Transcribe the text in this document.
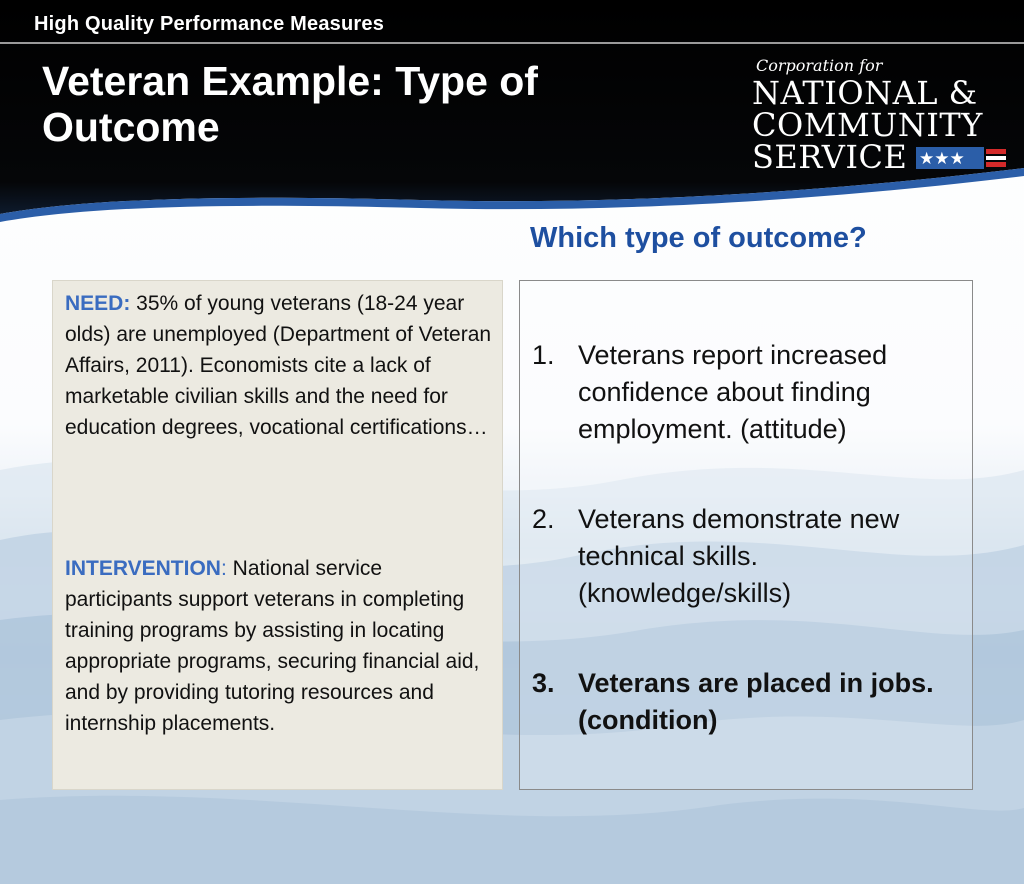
High Quality Performance Measures
Veteran Example: Type of
Outcome
Corporation for
NATIONAL &
COMMUNITY
SERVICE ★★★
Which type of outcome?
NEED: 35% of young veterans (18-24 year olds) are unemployed (Department of Veteran Affairs, 2011). Economists cite a lack of marketable civilian skills and the need for education degrees, vocational certifications…
INTERVENTION: National service participants support veterans in completing training programs by assisting in locating appropriate programs, securing financial aid, and by providing tutoring resources and internship placements.
1. Veterans report increased confidence about finding employment. (attitude)
2. Veterans demonstrate new technical skills. (knowledge/skills)
3. Veterans are placed in jobs. (condition)
